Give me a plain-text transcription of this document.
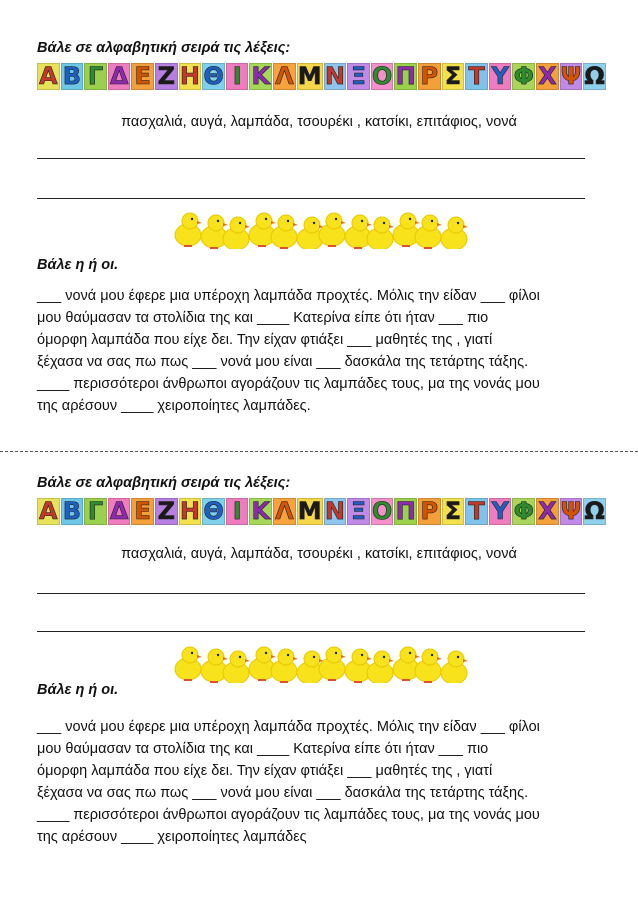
Βάλε σε αλφαβητική σειρά τις λέξεις:
Α Β Γ Δ Ε Ζ Η Θ Ι Κ Λ Μ Ν Ξ Ο Π Ρ Σ Τ Υ Φ Χ Ψ Ω
πασχαλιά, αυγά, λαμπάδα, τσουρέκι , κατσίκι, επιτάφιος, νονά
Βάλε η ή οι.
___ νονά μου έφερε μια υπέροχη λαμπάδα προχτές. Μόλις την είδαν ___ φίλοι
μου θαύμασαν τα στολίδια της και ____ Κατερίνα είπε ότι ήταν ___ πιο
όμορφη λαμπάδα που είχε δει. Την είχαν φτιάξει ___ μαθητές της , γιατί
ξέχασα να σας πω πως ___ νονά μου είναι ___ δασκάλα της τετάρτης τάξης.
____ περισσότεροι άνθρωποι αγοράζουν τις λαμπάδες τους, μα της νονάς μου
της αρέσουν ____ χειροποίητες λαμπάδες.
Βάλε σε αλφαβητική σειρά τις λέξεις:
Α Β Γ Δ Ε Ζ Η Θ Ι Κ Λ Μ Ν Ξ Ο Π Ρ Σ Τ Υ Φ Χ Ψ Ω
πασχαλιά, αυγά, λαμπάδα, τσουρέκι , κατσίκι, επιτάφιος, νονά
Βάλε η ή οι.
___ νονά μου έφερε μια υπέροχη λαμπάδα προχτές. Μόλις την είδαν ___ φίλοι
μου θαύμασαν τα στολίδια της και ____ Κατερίνα είπε ότι ήταν ___ πιο
όμορφη λαμπάδα που είχε δει. Την είχαν φτιάξει ___ μαθητές της , γιατί
ξέχασα να σας πω πως ___ νονά μου είναι ___ δασκάλα της τετάρτης τάξης.
____ περισσότεροι άνθρωποι αγοράζουν τις λαμπάδες τους, μα της νονάς μου
της αρέσουν ____ χειροποίητες λαμπάδες
